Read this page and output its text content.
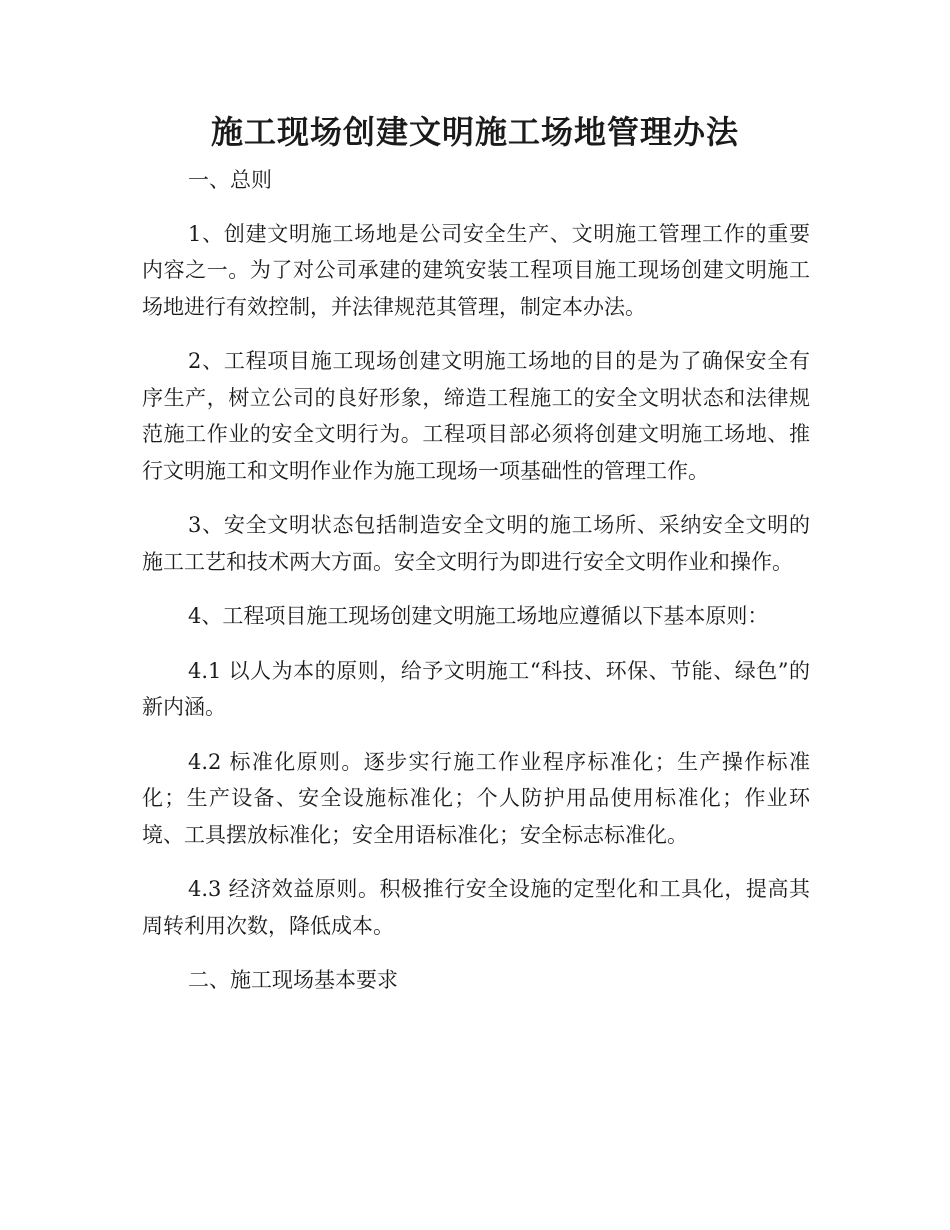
施工现场创建文明施工场地管理办法

一、总则

1、创建文明施工场地是公司安全生产、文明施工管理工作的重要内容之一。为了对公司承建的建筑安装工程项目施工现场创建文明施工场地进行有效控制，并法律规范其管理，制定本办法。

2、工程项目施工现场创建文明施工场地的目的是为了确保安全有序生产，树立公司的良好形象，缔造工程施工的安全文明状态和法律规范施工作业的安全文明行为。工程项目部必须将创建文明施工场地、推行文明施工和文明作业作为施工现场一项基础性的管理工作。

3、安全文明状态包括制造安全文明的施工场所、采纳安全文明的施工工艺和技术两大方面。安全文明行为即进行安全文明作业和操作。

4、工程项目施工现场创建文明施工场地应遵循以下基本原则：

4.1 以人为本的原则，给予文明施工“科技、环保、节能、绿色”的新内涵。

4.2 标准化原则。逐步实行施工作业程序标准化；生产操作标准化；生产设备、安全设施标准化；个人防护用品使用标准化；作业环境、工具摆放标准化；安全用语标准化；安全标志标准化。

4.3 经济效益原则。积极推行安全设施的定型化和工具化，提高其周转利用次数，降低成本。

二、施工现场基本要求
